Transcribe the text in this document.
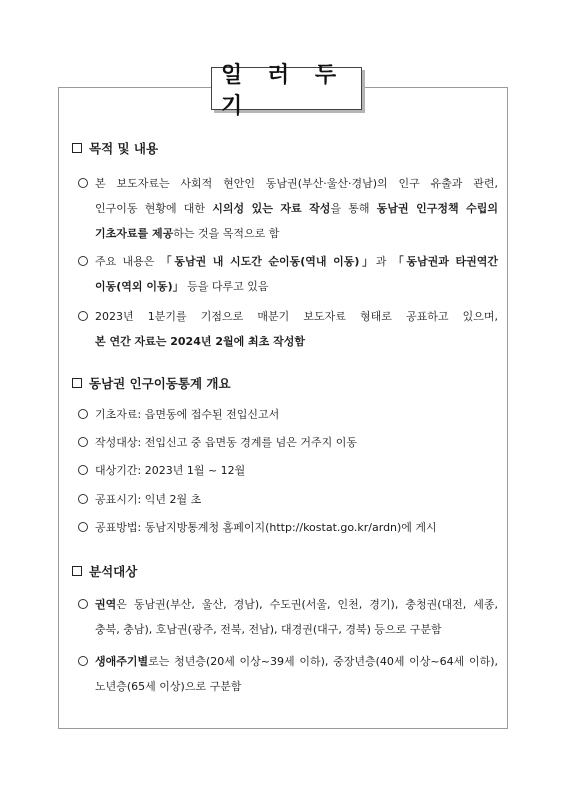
일 러 두 기
목적 및 내용
본 보도자료는 사회적 현안인 동남권(부산·울산·경남)의 인구 유출과 관련,
인구이동 현황에 대한 시의성 있는 자료 작성을 통해 동남권 인구정책 수립의
기초자료를 제공하는 것을 목적으로 함
주요 내용은 「동남권 내 시도간 순이동(역내 이동)」과 「동남권과 타권역간
이동(역외 이동)」 등을 다루고 있음
2023년 1분기를 기점으로 매분기 보도자료 형태로 공표하고 있으며,
본 연간 자료는 2024년 2월에 최초 작성함
동남권 인구이동통계 개요
기초자료: 읍면동에 접수된 전입신고서
작성대상: 전입신고 중 읍면동 경계를 넘은 거주지 이동
대상기간: 2023년 1월 ~ 12월
공표시기: 익년 2월 초
공표방법: 동남지방통계청 홈페이지(http://kostat.go.kr/ardn)에 게시
분석대상
권역은 동남권(부산, 울산, 경남), 수도권(서울, 인천, 경기), 충청권(대전, 세종,
충북, 충남), 호남권(광주, 전북, 전남), 대경권(대구, 경북) 등으로 구분함
생애주기별로는 청년층(20세 이상~39세 이하), 중장년층(40세 이상~64세 이하),
노년층(65세 이상)으로 구분함
